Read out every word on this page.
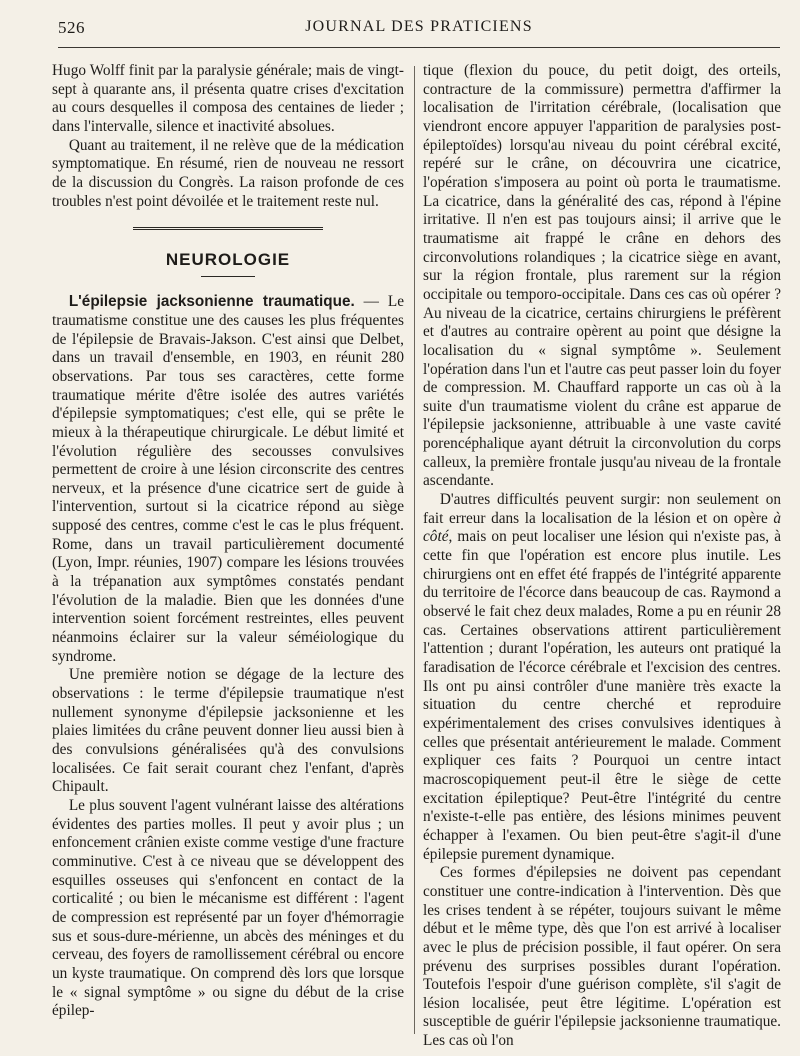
526	JOURNAL DES PRATICIENS

Hugo Wolff finit par la paralysie générale; mais de vingt-sept à quarante ans, il présenta quatre crises d'excitation au cours desquelles il composa des centaines de lieder ; dans l'intervalle, silence et inactivité absolues.

Quant au traitement, il ne relève que de la médication symptomatique. En résumé, rien de nouveau ne ressort de la discussion du Congrès. La raison profonde de ces troubles n'est point dévoilée et le traitement reste nul.

NEUROLOGIE

L'épilepsie jacksonienne traumatique. — Le traumatisme constitue une des causes les plus fréquentes de l'épilepsie de Bravais-Jakson. C'est ainsi que Delbet, dans un travail d'ensemble, en 1903, en réunit 280 observations. Par tous ses caractères, cette forme traumatique mérite d'être isolée des autres variétés d'épilepsie symptomatiques; c'est elle, qui se prête le mieux à la thérapeutique chirurgicale. Le début limité et l'évolution régulière des secousses convulsives permettent de croire à une lésion circonscrite des centres nerveux, et la présence d'une cicatrice sert de guide à l'intervention, surtout si la cicatrice répond au siège supposé des centres, comme c'est le cas le plus fréquent. Rome, dans un travail particulièrement documenté (Lyon, Impr. réunies, 1907) compare les lésions trouvées à la trépanation aux symptômes constatés pendant l'évolution de la maladie. Bien que les données d'une intervention soient forcément restreintes, elles peuvent néanmoins éclairer sur la valeur séméiologique du syndrome.

Une première notion se dégage de la lecture des observations : le terme d'épilepsie traumatique n'est nullement synonyme d'épilepsie jacksonienne et les plaies limitées du crâne peuvent donner lieu aussi bien à des convulsions généralisées qu'à des convulsions localisées. Ce fait serait courant chez l'enfant, d'après Chipault.

Le plus souvent l'agent vulnérant laisse des altérations évidentes des parties molles. Il peut y avoir plus ; un enfoncement crânien existe comme vestige d'une fracture comminutive. C'est à ce niveau que se développent des esquilles osseuses qui s'enfoncent en contact de la corticalité ; ou bien le mécanisme est différent : l'agent de compression est représenté par un foyer d'hémorragie sus et sous-dure-mérienne, un abcès des méninges et du cerveau, des foyers de ramollissement cérébral ou encore un kyste traumatique. On comprend dès lors que lorsque le « signal symptôme » ou signe du début de la crise épilep-

tique (flexion du pouce, du petit doigt, des orteils, contracture de la commissure) permettra d'affirmer la localisation de l'irritation cérébrale, (localisation que viendront encore appuyer l'apparition de paralysies post-épileptoïdes) lorsqu'au niveau du point cérébral excité, repéré sur le crâne, on découvrira une cicatrice, l'opération s'imposera au point où porta le traumatisme. La cicatrice, dans la généralité des cas, répond à l'épine irritative. Il n'en est pas toujours ainsi; il arrive que le traumatisme ait frappé le crâne en dehors des circonvolutions rolandiques ; la cicatrice siège en avant, sur la région frontale, plus rarement sur la région occipitale ou temporo-occipitale. Dans ces cas où opérer ? Au niveau de la cicatrice, certains chirurgiens le préfèrent et d'autres au contraire opèrent au point que désigne la localisation du « signal symptôme ». Seulement l'opération dans l'un et l'autre cas peut passer loin du foyer de compression. M. Chauffard rapporte un cas où à la suite d'un traumatisme violent du crâne est apparue de l'épilepsie jacksonienne, attribuable à une vaste cavité porencéphalique ayant détruit la circonvolution du corps calleux, la première frontale jusqu'au niveau de la frontale ascendante.

D'autres difficultés peuvent surgir: non seulement on fait erreur dans la localisation de la lésion et on opère à côté, mais on peut localiser une lésion qui n'existe pas, à cette fin que l'opération est encore plus inutile. Les chirurgiens ont en effet été frappés de l'intégrité apparente du territoire de l'écorce dans beaucoup de cas. Raymond a observé le fait chez deux malades, Rome a pu en réunir 28 cas. Certaines observations attirent particulièrement l'attention ; durant l'opération, les auteurs ont pratiqué la faradisation de l'écorce cérébrale et l'excision des centres. Ils ont pu ainsi contrôler d'une manière très exacte la situation du centre cherché et reproduire expérimentalement des crises convulsives identiques à celles que présentait antérieurement le malade. Comment expliquer ces faits ? Pourquoi un centre intact macroscopiquement peut-il être le siège de cette excitation épileptique? Peut-être l'intégrité du centre n'existe-t-elle pas entière, des lésions minimes peuvent échapper à l'examen. Ou bien peut-être s'agit-il d'une épilepsie purement dynamique.

Ces formes d'épilepsies ne doivent pas cependant constituer une contre-indication à l'intervention. Dès que les crises tendent à se répéter, toujours suivant le même début et le même type, dès que l'on est arrivé à localiser avec le plus de précision possible, il faut opérer. On sera prévenu des surprises possibles durant l'opération. Toutefois l'espoir d'une guérison complète, s'il s'agit de lésion localisée, peut être légitime. L'opération est susceptible de guérir l'épilepsie jacksonienne traumatique. Les cas où l'on
